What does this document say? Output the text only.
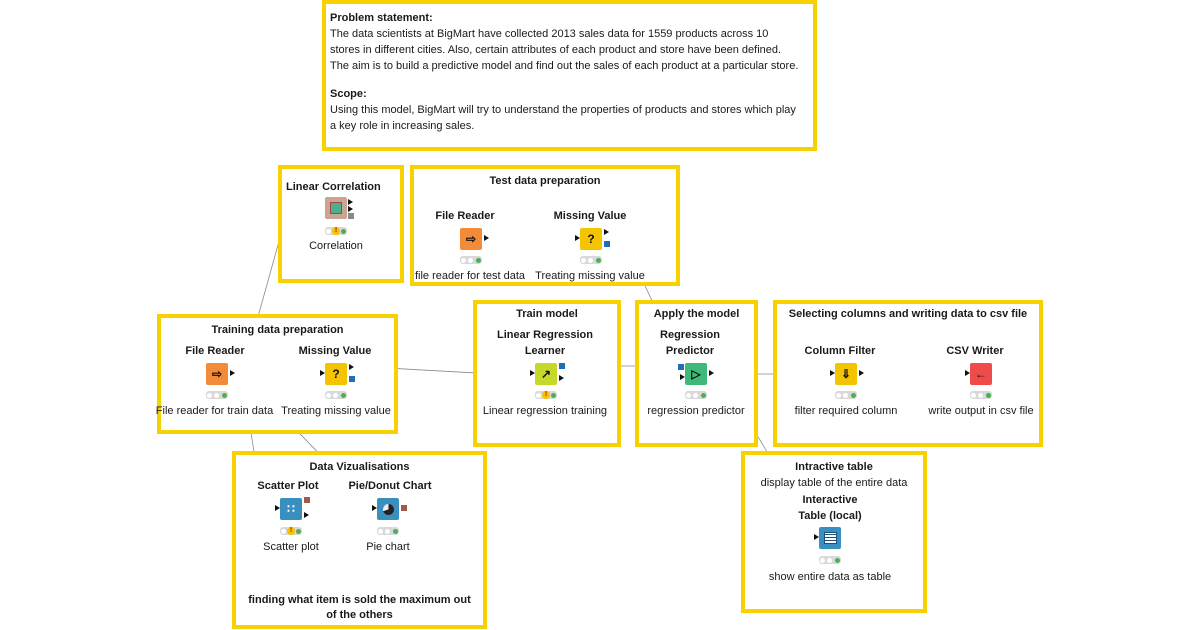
Problem statement:
The data scientists at BigMart have collected 2013 sales data for 1559 products across 10 stores in different cities. Also, certain attributes of each product and store have been defined. The aim is to build a predictive model and find out the sales of each product at a particular store.
Scope:
Using this model, BigMart will try to understand the properties of products and stores which play a key role in increasing sales.
Linear Correlation	Test data preparation
Training data preparation
Train model	Apply the model	Selecting columns and writing data to csv file
Data Vizualisations
finding what item is sold the maximum out of the others
Intractive table
display table of the entire data
!
Correlation
File Reader
⇨
file reader for test data
Missing Value
?
Treating missing value
File Reader
⇨
File reader for train data
Missing Value
?
Treating missing value
Linear Regression Learner
↗
!
Linear regression training
Regression Predictor
▷
regression predictor
Column Filter
⇓
filter required column
CSV Writer
←
write output in csv file
Scatter Plot
∷
!
Scatter plot
Pie/Donut Chart
Pie chart
Interactive Table (local)
show entire data as table
